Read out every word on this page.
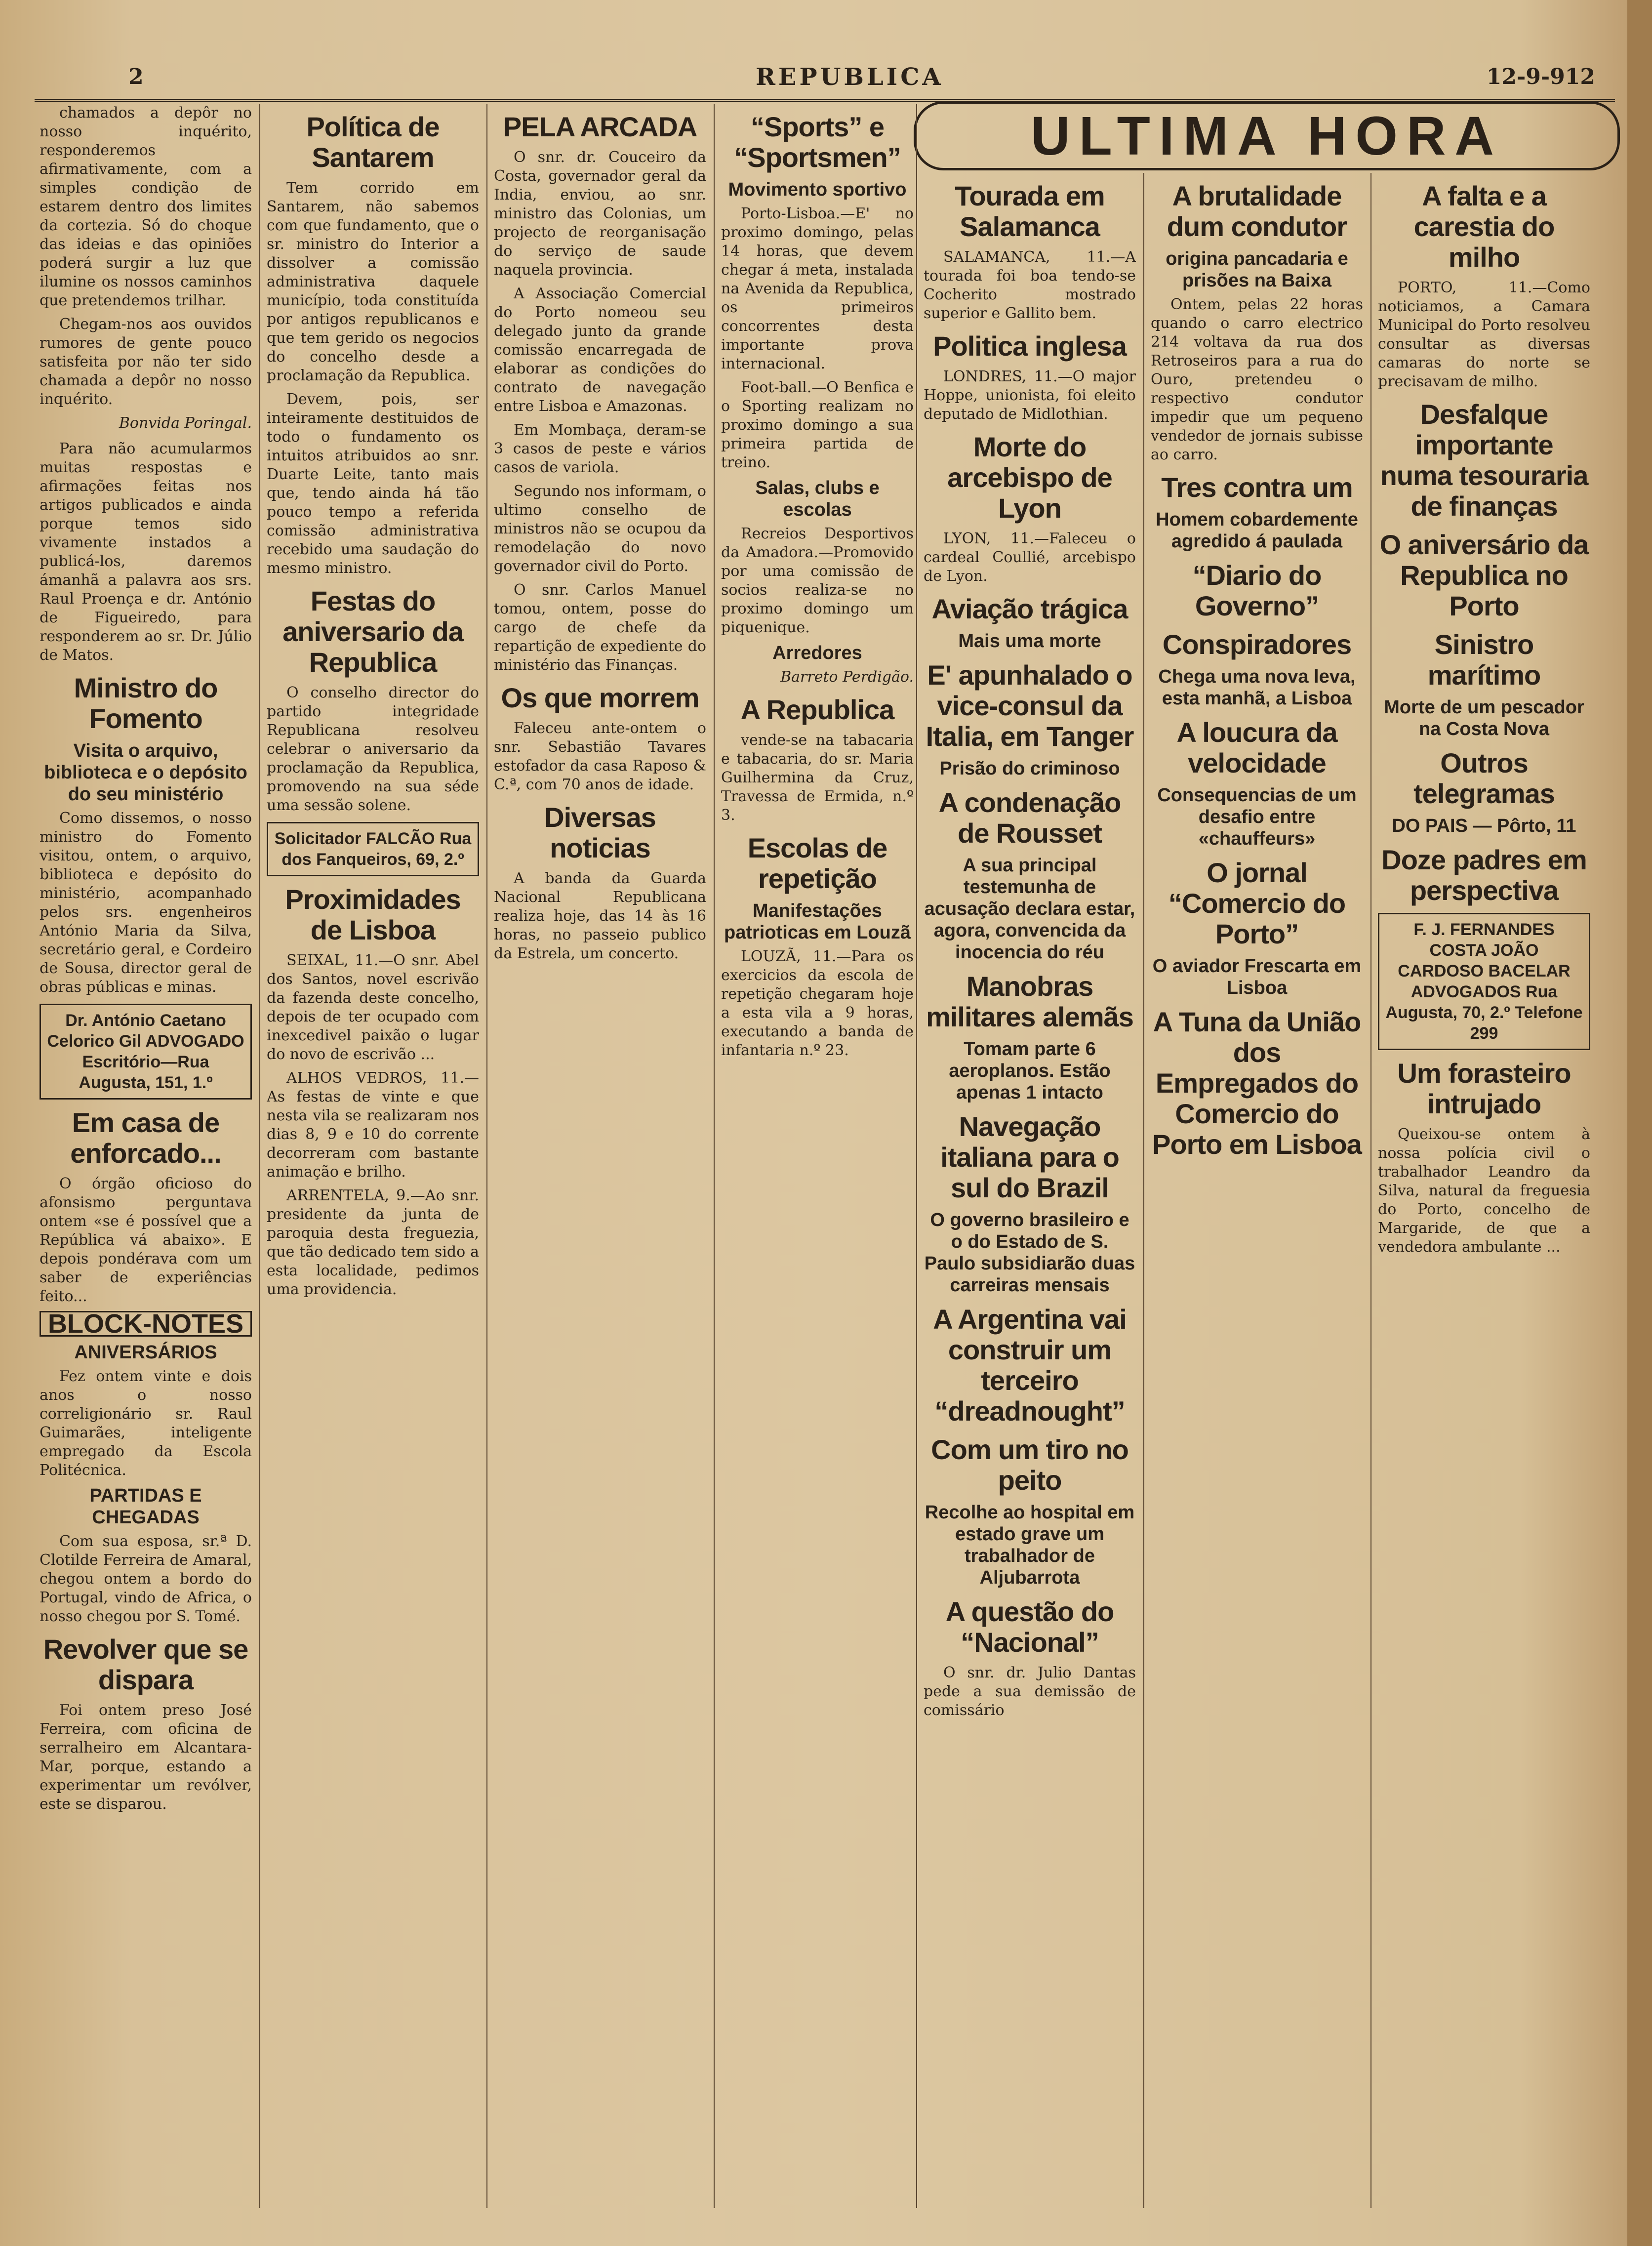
2	REPUBLICA	12-9-912
ULTIMA HORA

chamados a depôr no nosso inquérito, responderemos afirmativamente, com a simples condição de estarem dentro dos limites da cortezia. Só do choque das ideias e das opiniões poderá surgir a luz que ilumine os nossos caminhos que pretendemos trilhar.

Chegam-nos aos ouvidos rumores de gente pouco satisfeita por não ter sido chamada a depôr no nosso inquérito.

Bonvida Poringal.

Para não acumularmos muitas respostas e afirmações feitas nos artigos publicados e ainda porque temos sido vivamente instados a publicá-los, daremos ámanhã a palavra aos srs. Raul Proença e dr. António de Figueiredo, para responderem ao sr. Dr. Júlio de Matos.

Ministro do Fomento
Visita o arquivo, biblioteca e o depósito do seu ministério

Como dissemos, o nosso ministro do Fomento visitou, ontem, o arquivo, biblioteca e depósito do ministério, acompanhado pelos srs. engenheiros António Maria da Silva, secretário geral, e Cordeiro de Sousa, director geral de obras públicas e minas.

Dr. António Caetano Celorico Gil ADVOGADO Escritório—Rua Augusta, 151, 1.º
Em casa de enforcado...

O órgão oficioso do afonsismo perguntava ontem «se é possível que a República vá abaixo». E depois pondérava com um saber de experiências feito...

BLOCK-NOTES
ANIVERSÁRIOS

Fez ontem vinte e dois anos o nosso correligionário sr. Raul Guimarães, inteligente empregado da Escola Politécnica.

PARTIDAS E CHEGADAS

Com sua esposa, sr.ª D. Clotilde Ferreira de Amaral, chegou ontem a bordo do Portugal, vindo de Africa, o nosso chegou por S. Tomé.

Revolver que se dispara

Foi ontem preso José Ferreira, com oficina de serralheiro em Alcantara-Mar, porque, estando a experimentar um revólver, este se disparou.

Política de Santarem

Tem corrido em Santarem, não sabemos com que fundamento, que o sr. ministro do Interior a dissolver a comissão administrativa daquele município, toda constituída por antigos republicanos e que tem gerido os negocios do concelho desde a proclamação da Republica.

Devem, pois, ser inteiramente destituidos de todo o fundamento os intuitos atribuidos ao snr. Duarte Leite, tanto mais que, tendo ainda há tão pouco tempo a referida comissão administrativa recebido uma saudação do mesmo ministro.

Festas do aniversario da Republica

O conselho director do partido integridade Republicana resolveu celebrar o aniversario da proclamação da Republica, promovendo na sua séde uma sessão solene.

Solicitador FALCÃO Rua dos Fanqueiros, 69, 2.º
Proximidades de Lisboa

SEIXAL, 11.—O snr. Abel dos Santos, novel escrivão da fazenda deste concelho, depois de ter ocupado com inexcedivel paixão o lugar do novo de escrivão ...

ALHOS VEDROS, 11.—As festas de vinte e que nesta vila se realizaram nos dias 8, 9 e 10 do corrente decorreram com bastante animação e brilho.

ARRENTELA, 9.—Ao snr. presidente da junta de paroquia desta freguezia, que tão dedicado tem sido a esta localidade, pedimos uma providencia.

PELA ARCADA

O snr. dr. Couceiro da Costa, governador geral da India, enviou, ao snr. ministro das Colonias, um projecto de reorganisação do serviço de saude naquela provincia.

A Associação Comercial do Porto nomeou seu delegado junto da grande comissão encarregada de elaborar as condições do contrato de navegação entre Lisboa e Amazonas.

Em Mombaça, deram-se 3 casos de peste e vários casos de variola.

Segundo nos informam, o ultimo conselho de ministros não se ocupou da remodelação do novo governador civil do Porto.

O snr. Carlos Manuel tomou, ontem, posse do cargo de chefe da repartição de expediente do ministério das Finanças.

Os que morrem

Faleceu ante-ontem o snr. Sebastião Tavares estofador da casa Raposo & C.ª, com 70 anos de idade.

Diversas noticias

A banda da Guarda Nacional Republicana realiza hoje, das 14 às 16 horas, no passeio publico da Estrela, um concerto.

“Sports” e “Sportsmen”
Movimento sportivo

Porto-Lisboa.—E' no proximo domingo, pelas 14 horas, que devem chegar á meta, instalada na Avenida da Republica, os primeiros concorrentes desta importante prova internacional.

Foot-ball.—O Benfica e o Sporting realizam no proximo domingo a sua primeira partida de treino.

Salas, clubs e escolas

Recreios Desportivos da Amadora.—Promovido por uma comissão de socios realiza-se no proximo domingo um piquenique.

Arredores
Barreto Perdigão.
A Republica

vende-se na tabacaria e tabacaria, do sr. Maria Guilhermina da Cruz, Travessa de Ermida, n.º 3.

Escolas de repetição
Manifestações patrioticas em Louzã

LOUZÃ, 11.—Para os exercicios da escola de repetição chegaram hoje a esta vila a 9 horas, executando a banda de infantaria n.º 23.

Tourada em Salamanca

SALAMANCA, 11.—A tourada foi boa tendo-se Cocherito mostrado superior e Gallito bem.

Politica inglesa

LONDRES, 11.—O major Hoppe, unionista, foi eleito deputado de Midlothian.

Morte do arcebispo de Lyon

LYON, 11.—Faleceu o cardeal Coullié, arcebispo de Lyon.

Aviação trágica
Mais uma morte
E' apunhalado o vice-consul da Italia, em Tanger
Prisão do criminoso
A condenação de Rousset
A sua principal testemunha de acusação declara estar, agora, convencida da inocencia do réu
Manobras militares alemãs
Tomam parte 6 aeroplanos. Estão apenas 1 intacto
Navegação italiana para o sul do Brazil
O governo brasileiro e o do Estado de S. Paulo subsidiarão duas carreiras mensais
A Argentina vai construir um terceiro “dreadnought”
Com um tiro no peito
Recolhe ao hospital em estado grave um trabalhador de Aljubarrota
A questão do “Nacional”

O snr. dr. Julio Dantas pede a sua demissão de comissário

A brutalidade dum condutor
origina pancadaria e prisões na Baixa

Ontem, pelas 22 horas quando o carro electrico 214 voltava da rua dos Retroseiros para a rua do Ouro, pretendeu o respectivo condutor impedir que um pequeno vendedor de jornais subisse ao carro.

Tres contra um
Homem cobardemente agredido á paulada
“Diario do Governo”
Conspiradores
Chega uma nova leva, esta manhã, a Lisboa
A loucura da velocidade
Consequencias de um desafio entre «chauffeurs»
O jornal “Comercio do Porto”
O aviador Frescarta em Lisboa
A Tuna da União dos Empregados do Comercio do Porto em Lisboa
A falta e a carestia do milho

PORTO, 11.—Como noticiamos, a Camara Municipal do Porto resolveu consultar as diversas camaras do norte se precisavam de milho.

Desfalque importante numa tesouraria de finanças
O aniversário da Republica no Porto
Sinistro marítimo
Morte de um pescador na Costa Nova
Outros telegramas
DO PAIS — Pôrto, 11
Doze padres em perspectiva
F. J. FERNANDES COSTA JOÃO CARDOSO BACELAR ADVOGADOS Rua Augusta, 70, 2.º Telefone 299
Um forasteiro intrujado

Queixou-se ontem à nossa polícia civil o trabalhador Leandro da Silva, natural da freguesia do Porto, concelho de Margaride, de que a vendedora ambulante ...
